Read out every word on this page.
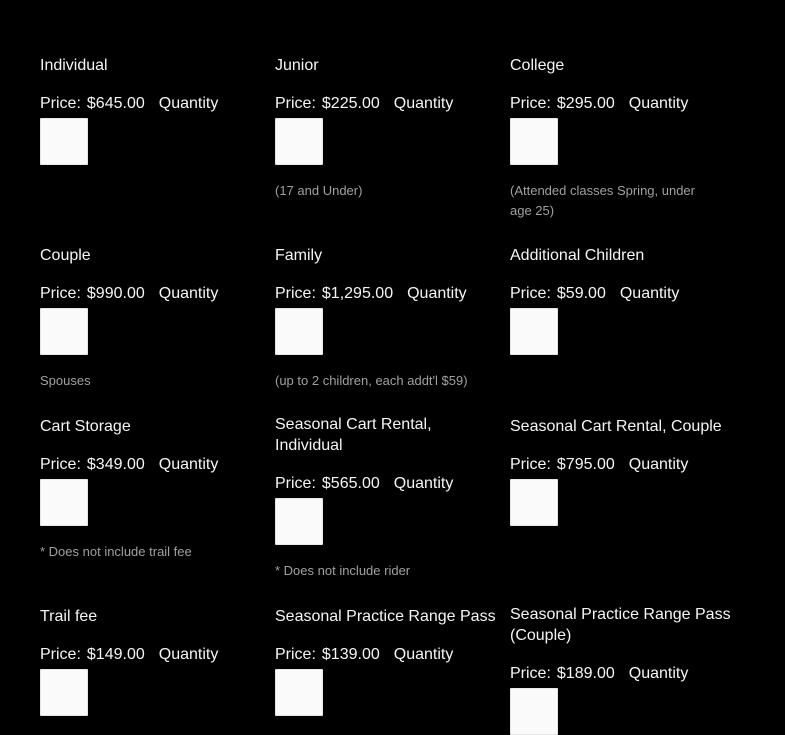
Individual

Price: $645.00 Quantity

Junior

Price: $225.00 Quantity
(17 and Under)

College

Price: $295.00 Quantity
(Attended classes Spring, under age 25)

Couple

Price: $990.00 Quantity
Spouses

Family

Price: $1,295.00 Quantity
(up to 2 children, each addt'l $59)

Additional Children

Price: $59.00 Quantity

Cart Storage

Price: $349.00 Quantity
* Does not include trail fee

Seasonal Cart Rental, Individual

Price: $565.00 Quantity
* Does not include rider

Seasonal Cart Rental, Couple

Price: $795.00 Quantity

Trail fee

Price: $149.00 Quantity

Seasonal Practice Range Pass

Price: $139.00 Quantity

Seasonal Practice Range Pass (Couple)

Price: $189.00 Quantity
